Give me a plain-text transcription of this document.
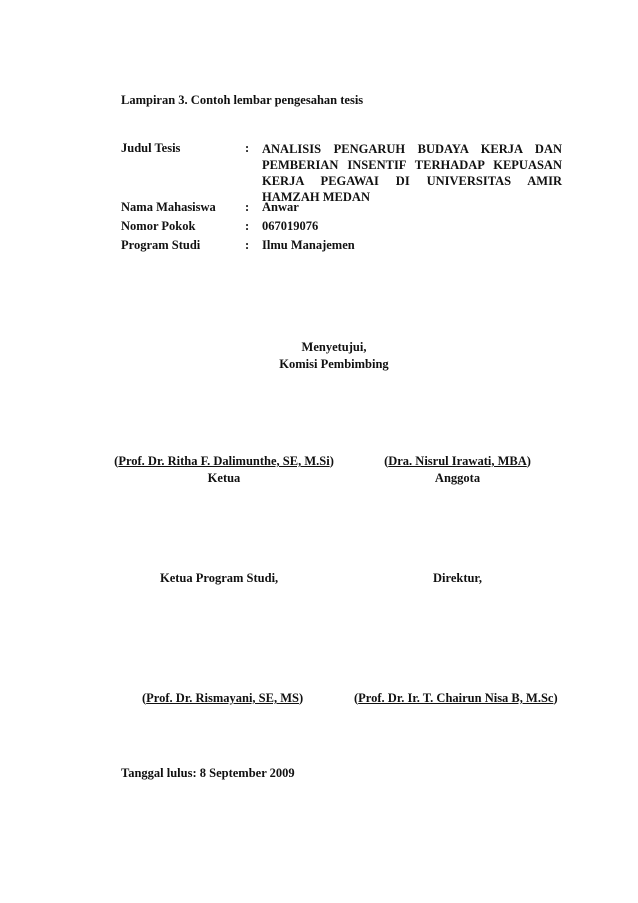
Lampiran 3. Contoh lembar pengesahan tesis
Judul Tesis	: ANALISIS PENGARUH BUDAYA KERJA DAN
PEMBERIAN INSENTIF TERHADAP KEPUASAN
KERJA PEGAWAI DI UNIVERSITAS AMIR
HAMZAH MEDAN
Nama Mahasiswa : Anwar
Nomor Pokok	: 067019076
Program Studi	: Ilmu Manajemen
Menyetujui,
Komisi Pembimbing
(Prof. Dr. Ritha F. Dalimunthe, SE, M.Si)
Ketua
(Dra. Nisrul Irawati, MBA)
Anggota
Ketua Program Studi,	Direktur,
(Prof. Dr. Rismayani, SE, MS)	(Prof. Dr. Ir. T. Chairun Nisa B, M.Sc)
Tanggal lulus: 8 September 2009
